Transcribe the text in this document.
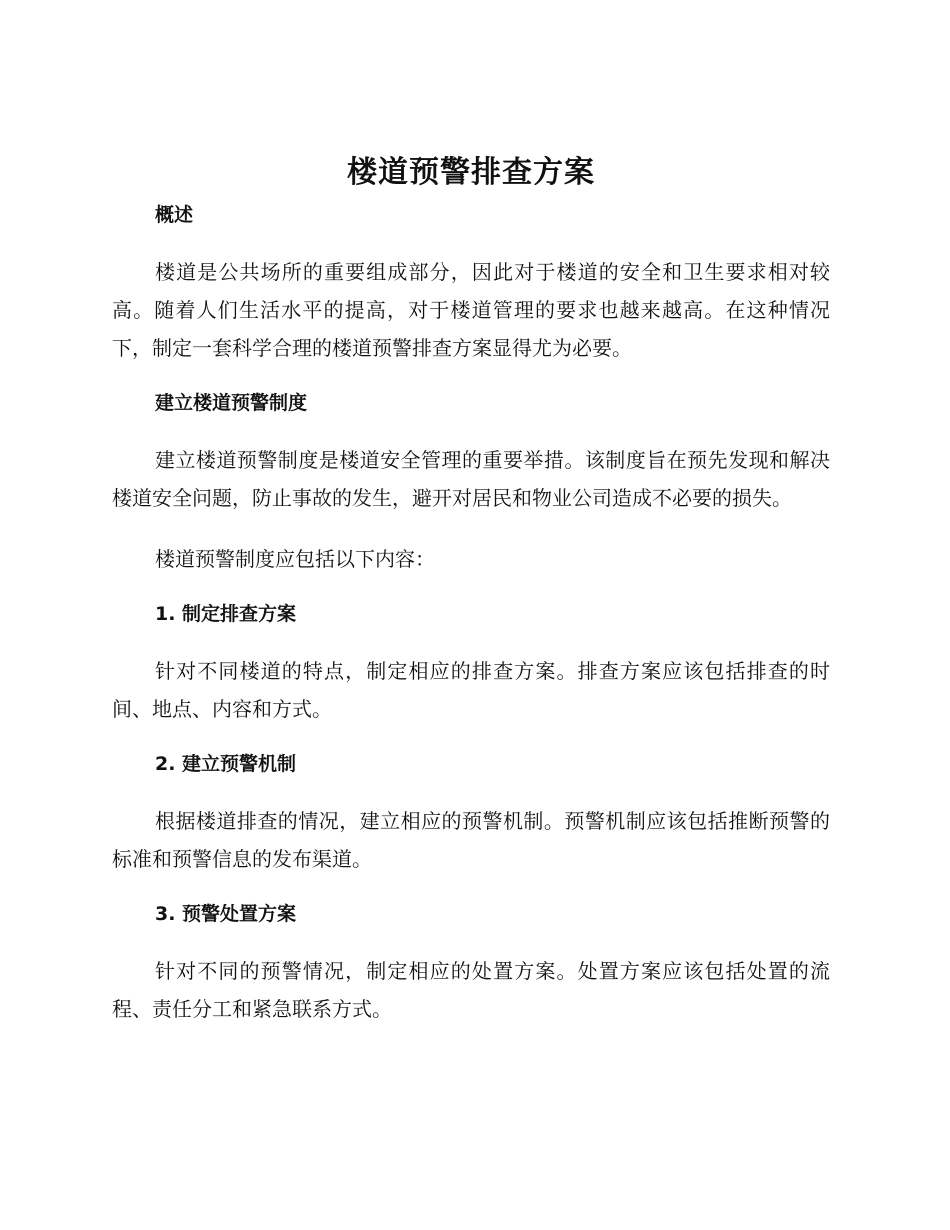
楼道预警排查方案
概述

楼道是公共场所的重要组成部分，因此对于楼道的安全和卫生要求相对较高。随着人们生活水平的提高，对于楼道管理的要求也越来越高。在这种情况下，制定一套科学合理的楼道预警排查方案显得尤为必要。

建立楼道预警制度

建立楼道预警制度是楼道安全管理的重要举措。该制度旨在预先发现和解决楼道安全问题，防止事故的发生，避开对居民和物业公司造成不必要的损失。

楼道预警制度应包括以下内容：

1. 制定排查方案

针对不同楼道的特点，制定相应的排查方案。排查方案应该包括排查的时间、地点、内容和方式。

2. 建立预警机制

根据楼道排查的情况，建立相应的预警机制。预警机制应该包括推断预警的标准和预警信息的发布渠道。

3. 预警处置方案

针对不同的预警情况，制定相应的处置方案。处置方案应该包括处置的流程、责任分工和紧急联系方式。
